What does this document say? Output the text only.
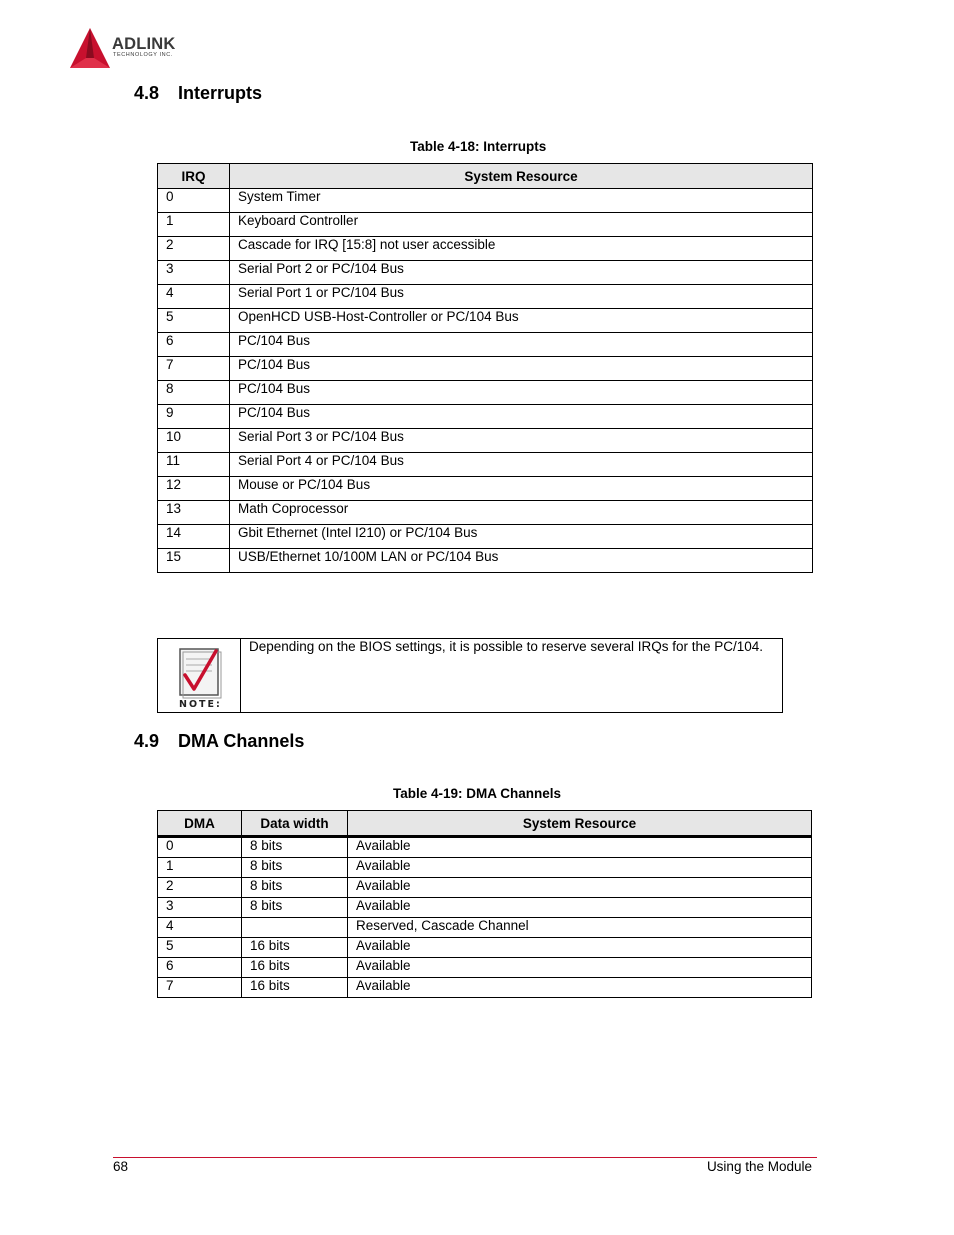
ADLINK
TECHNOLOGY INC.
4.8 Interrupts
Table 4-18: Interrupts
IRQ	System Resource
0	System Timer
1	Keyboard Controller
2	Cascade for IRQ [15:8] not user accessible
3	Serial Port 2 or PC/104 Bus
4	Serial Port 1 or PC/104 Bus
5	OpenHCD USB-Host-Controller or PC/104 Bus
6	PC/104 Bus
7	PC/104 Bus
8	PC/104 Bus
9	PC/104 Bus
10	Serial Port 3 or PC/104 Bus
11	Serial Port 4 or PC/104 Bus
12	Mouse or PC/104 Bus
13	Math Coprocessor
14	Gbit Ethernet (Intel I210) or PC/104 Bus
15	USB/Ethernet 10/100M LAN or PC/104 Bus
NOTE:
Depending on the BIOS settings, it is possible to reserve several IRQs for the PC/104.
4.9 DMA Channels
Table 4-19: DMA Channels
DMA	Data width	System Resource
0	8 bits	Available
1	8 bits	Available
2	8 bits	Available
3	8 bits	Available
4		Reserved, Cascade Channel
5	16 bits	Available
6	16 bits	Available
7	16 bits	Available
68	Using the Module
